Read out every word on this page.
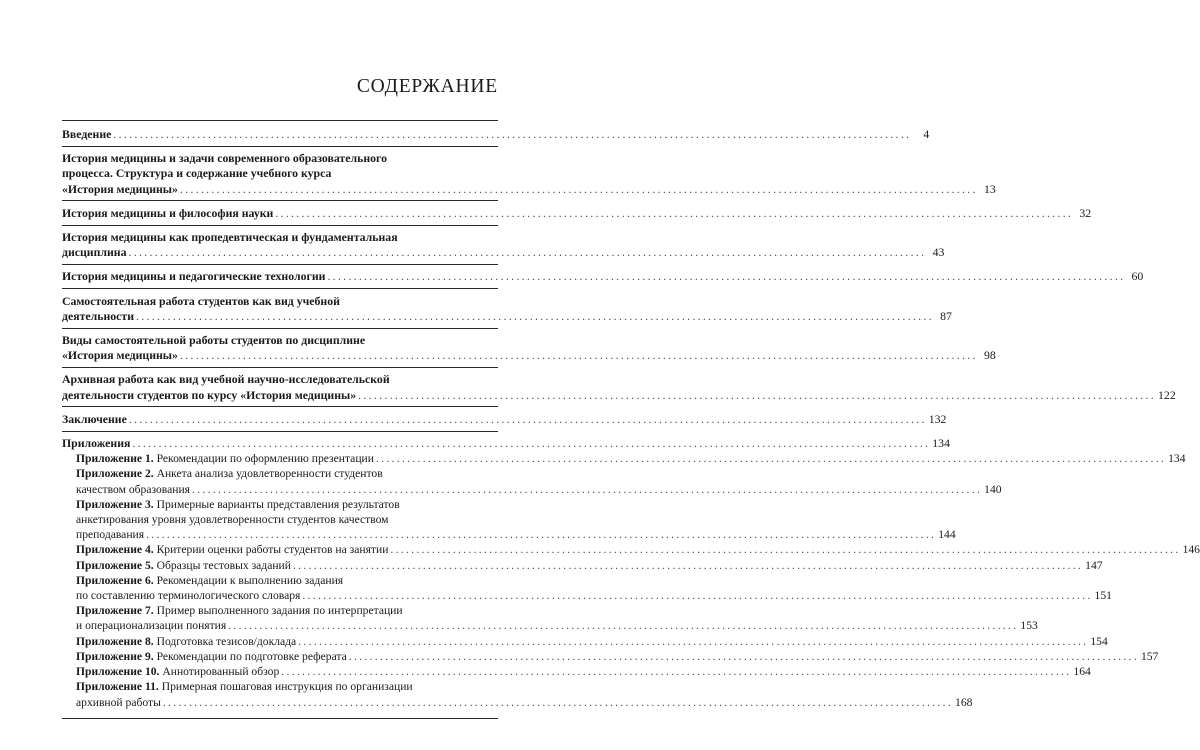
СОДЕРЖАНИЕ
Введение ........................................................................................................................................................	4
История медицины и задачи современного образовательного
процесса. Структура и содержание учебного курса
«История медицины» ........................................................................................................................................................ 13
История медицины и философия науки ........................................................................................................................................................ 32
История медицины как пропедевтическая и фундаментальная
дисциплина ........................................................................................................................................................ 43
История медицины и педагогические технологии ........................................................................................................................................................ 60
Самостоятельная работа студентов как вид учебной
деятельности ........................................................................................................................................................ 87
Виды самостоятельной работы студентов по дисциплине
«История медицины» ........................................................................................................................................................ 98
Архивная работа как вид учебной научно-исследовательской
деятельности студентов по курсу «История медицины» ........................................................................................................................................................ 122
Заключение ........................................................................................................................................................ 132
Приложения ........................................................................................................................................................ 134
Приложение 1. Рекомендации по оформлению презентации ........................................................................................................................................................ 134
Приложение 2. Анкета анализа удовлетворенности студентов
качеством образования ........................................................................................................................................................ 140
Приложение 3. Примерные варианты представления результатов
анкетирования уровня удовлетворенности студентов качеством
преподавания ........................................................................................................................................................ 144
Приложение 4. Критерии оценки работы студентов на занятии ........................................................................................................................................................ 146
Приложение 5. Образцы тестовых заданий ........................................................................................................................................................ 147
Приложение 6. Рекомендации к выполнению задания
по составлению терминологического словаря ........................................................................................................................................................ 151
Приложение 7. Пример выполненного задания по интерпретации
и операционализации понятия ........................................................................................................................................................ 153
Приложение 8. Подготовка тезисов/доклада ........................................................................................................................................................ 154
Приложение 9. Рекомендации по подготовке реферата ........................................................................................................................................................ 157
Приложение 10. Аннотированный обзор ........................................................................................................................................................ 164
Приложение 11. Примерная пошаговая инструкция по организации
архивной работы ........................................................................................................................................................ 168
